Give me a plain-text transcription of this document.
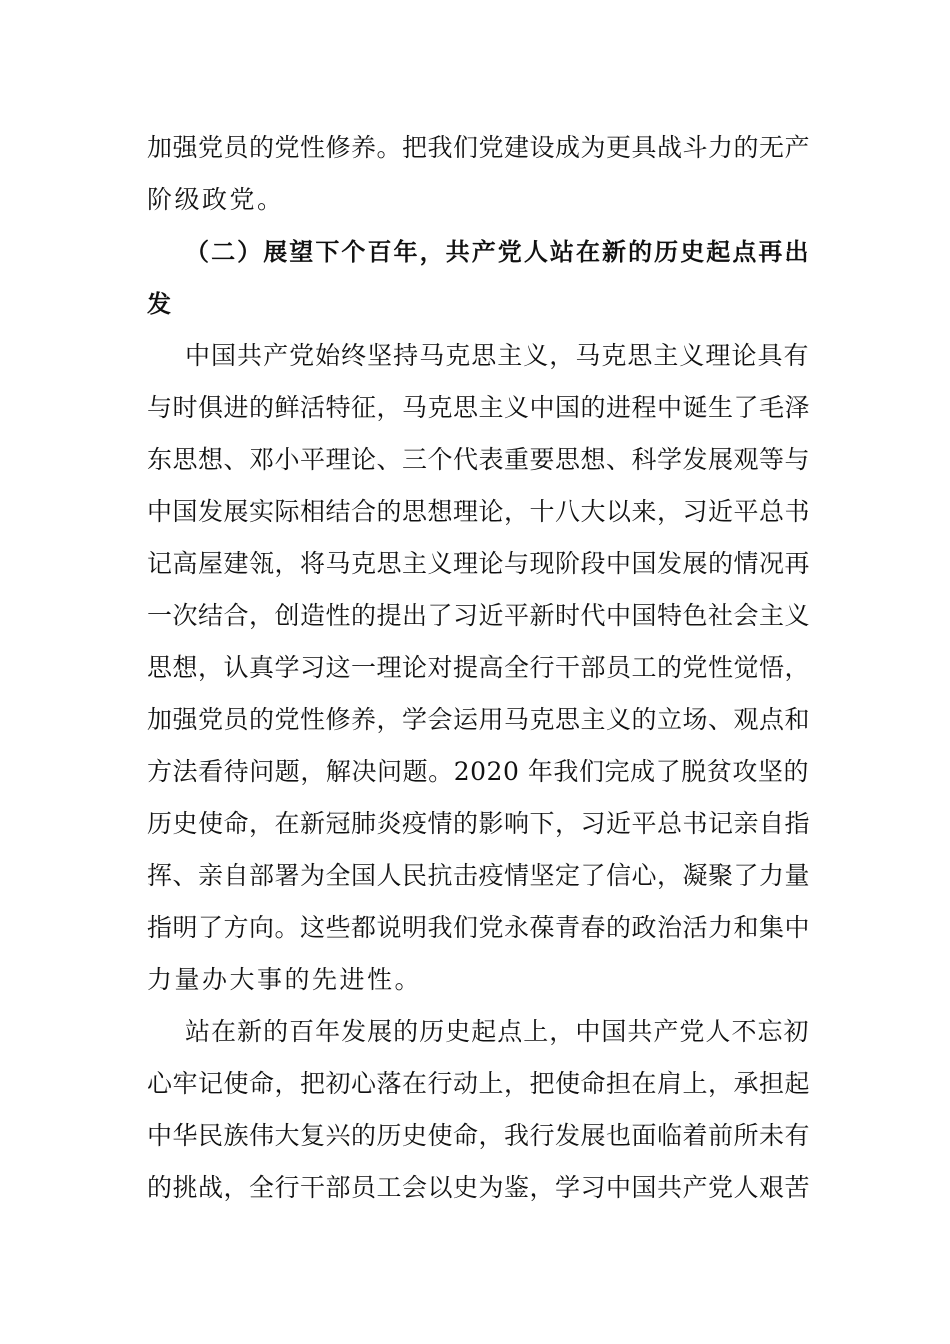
加强党员的党性修养。把我们党建设成为更具战斗力的无产
阶级政党。
（二）展望下个百年，共产党人站在新的历史起点再出
发
中国共产党始终坚持马克思主义，马克思主义理论具有
与时俱进的鲜活特征，马克思主义中国的进程中诞生了毛泽
东思想、邓小平理论、三个代表重要思想、科学发展观等与
中国发展实际相结合的思想理论，十八大以来，习近平总书
记高屋建瓴，将马克思主义理论与现阶段中国发展的情况再
一次结合，创造性的提出了习近平新时代中国特色社会主义
思想，认真学习这一理论对提高全行干部员工的党性觉悟，
加强党员的党性修养，学会运用马克思主义的立场、观点和
方法看待问题，解决问题。2020 年我们完成了脱贫攻坚的
历史使命，在新冠肺炎疫情的影响下，习近平总书记亲自指
挥、亲自部署为全国人民抗击疫情坚定了信心，凝聚了力量
指明了方向。这些都说明我们党永葆青春的政治活力和集中
力量办大事的先进性。
站在新的百年发展的历史起点上，中国共产党人不忘初
心牢记使命，把初心落在行动上，把使命担在肩上，承担起
中华民族伟大复兴的历史使命，我行发展也面临着前所未有
的挑战，全行干部员工会以史为鉴，学习中国共产党人艰苦
